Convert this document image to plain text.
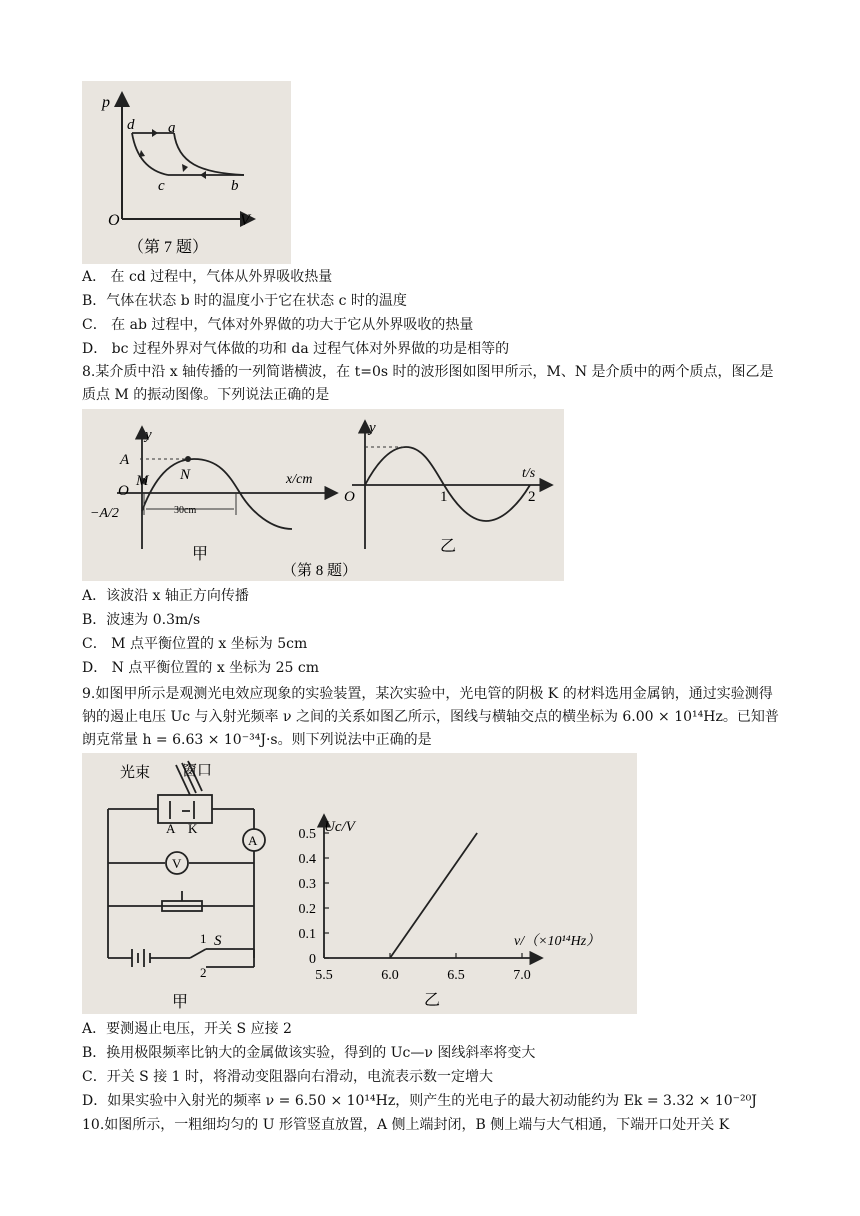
p
d a
c	b
O	V
（第 7 题）
A． 在 cd 过程中，气体从外界吸收热量
B．气体在状态 b 时的温度小于它在状态 c 时的温度
C． 在 ab 过程中，气体对外界做的功大于它从外界吸收的热量
D． bc 过程外界对气体做的功和 da 过程气体对外界做的功是相等的
8.某介质中沿 x 轴传播的一列简谐横波，在 t=0s 时的波形图如图甲所示，M、N 是介质中的两个质点，图乙是质点 M 的振动图像。下列说法正确的是
y
A
N
M
O
−A/2	30cm
x/cm
甲
y
O	1	2
t/s
乙
（第 8 题）
A．该波沿 x 轴正方向传播
B．波速为 0.3m/s
C． M 点平衡位置的 x 坐标为 5cm
D． N 点平衡位置的 x 坐标为 25 cm
9.如图甲所示是观测光电效应现象的实验装置，某次实验中，光电管的阴极 K 的材料选用金属钠，通过实验测得钠的遏止电压 Uc 与入射光频率 ν 之间的关系如图乙所示，图线与横轴交点的横坐标为 6.00 × 10¹⁴Hz。已知普朗克常量 h = 6.63 × 10⁻³⁴J·s。则下列说法中正确的是
光束 窗口
A K
A
V
S
1
2
甲
0
0.1
0.2
0.3
0.4
0.5
5.5	6.0	6.5	7.0
Uc/V
ν/（×10¹⁴Hz）
乙
A．要测遏止电压，开关 S 应接 2
B．换用极限频率比钠大的金属做该实验，得到的 Uc—ν 图线斜率将变大
C．开关 S 接 1 时，将滑动变阻器向右滑动，电流表示数一定增大
D．如果实验中入射光的频率 ν = 6.50 × 10¹⁴Hz，则产生的光电子的最大初动能约为 Ek = 3.32 × 10⁻²⁰J
10.如图所示，一粗细均匀的 U 形管竖直放置，A 侧上端封闭，B 侧上端与大气相通，下端开口处开关 K
